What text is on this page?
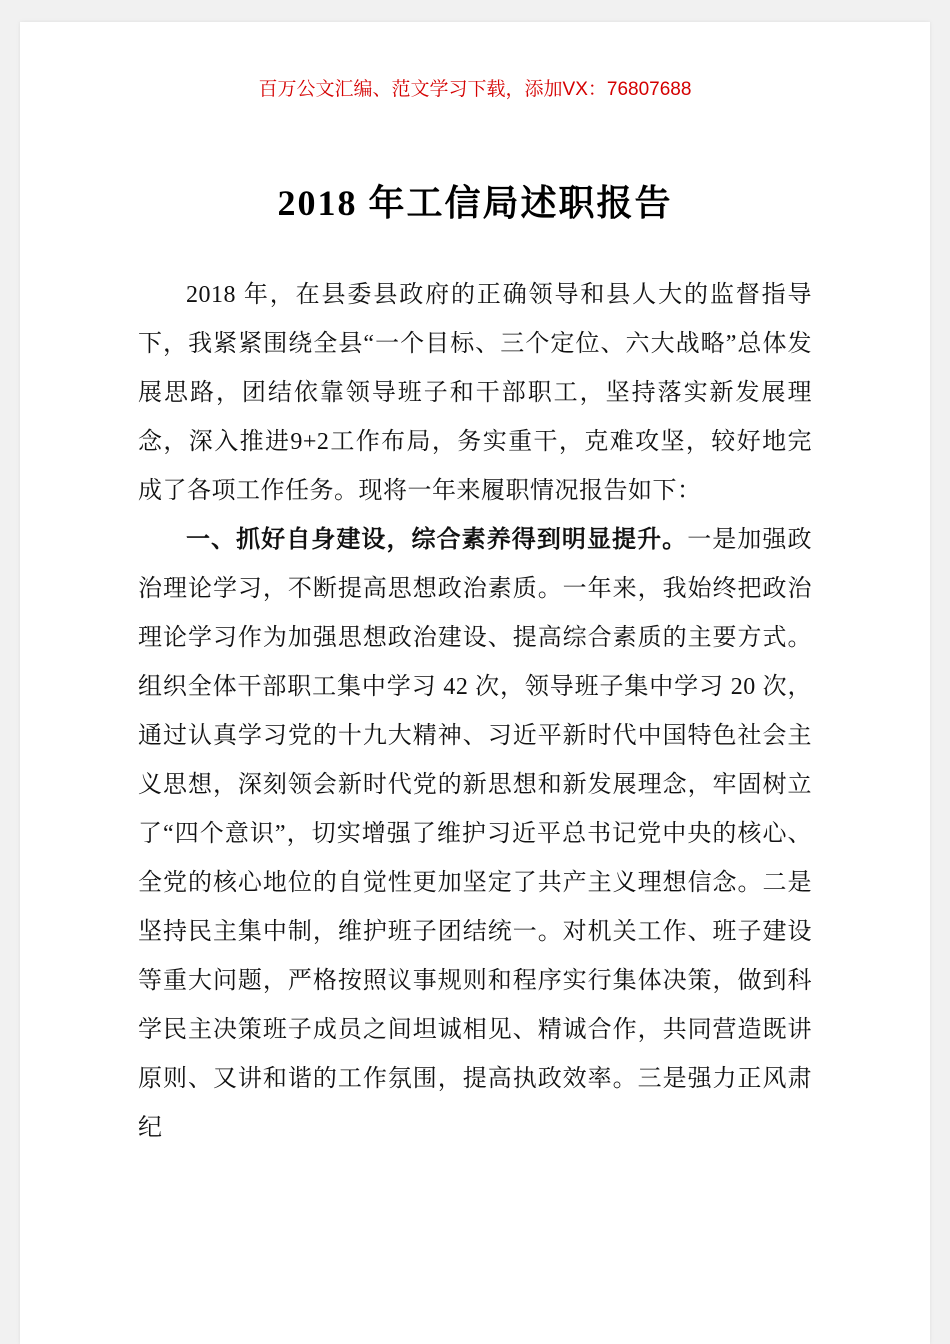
百万公文汇编、范文学习下载，添加VX：76807688
2018 年工信局述职报告

2018 年，在县委县政府的正确领导和县人大的监督指导下，我紧紧围绕全县“一个目标、三个定位、六大战略”总体发展思路，团结依靠领导班子和干部职工，坚持落实新发展理念，深入推进9+2工作布局，务实重干，克难攻坚，较好地完成了各项工作任务。现将一年来履职情况报告如下：

一、抓好自身建设，综合素养得到明显提升。一是加强政治理论学习，不断提高思想政治素质。一年来，我始终把政治理论学习作为加强思想政治建设、提高综合素质的主要方式。组织全体干部职工集中学习 42 次，领导班子集中学习 20 次，通过认真学习党的十九大精神、习近平新时代中国特色社会主义思想，深刻领会新时代党的新思想和新发展理念，牢固树立了“四个意识”，切实增强了维护习近平总书记党中央的核心、全党的核心地位的自觉性更加坚定了共产主义理想信念。二是坚持民主集中制，维护班子团结统一。对机关工作、班子建设等重大问题，严格按照议事规则和程序实行集体决策，做到科学民主决策班子成员之间坦诚相见、精诚合作，共同营造既讲原则、又讲和谐的工作氛围，提高执政效率。三是强力正风肃纪
